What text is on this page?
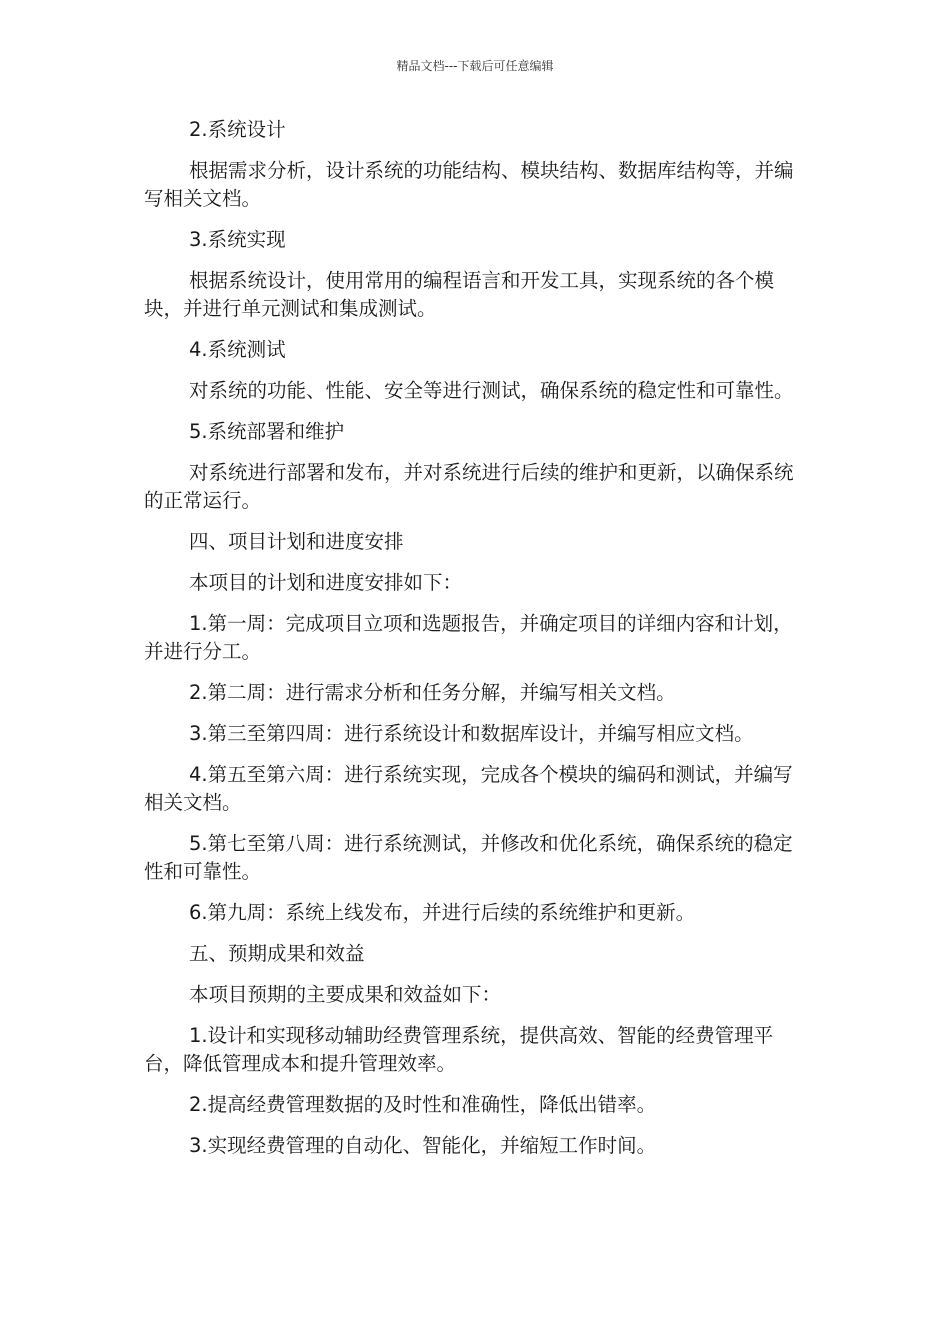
精品文档---下载后可任意编辑

2.系统设计

根据需求分析，设计系统的功能结构、模块结构、数据库结构等，并编写相关文档。

3.系统实现

根据系统设计，使用常用的编程语言和开发工具，实现系统的各个模块，并进行单元测试和集成测试。

4.系统测试

对系统的功能、性能、安全等进行测试，确保系统的稳定性和可靠性。

5.系统部署和维护

对系统进行部署和发布，并对系统进行后续的维护和更新，以确保系统的正常运行。

四、项目计划和进度安排

本项目的计划和进度安排如下：

1.第一周：完成项目立项和选题报告，并确定项目的详细内容和计划，并进行分工。

2.第二周：进行需求分析和任务分解，并编写相关文档。

3.第三至第四周：进行系统设计和数据库设计，并编写相应文档。

4.第五至第六周：进行系统实现，完成各个模块的编码和测试，并编写相关文档。

5.第七至第八周：进行系统测试，并修改和优化系统，确保系统的稳定性和可靠性。

6.第九周：系统上线发布，并进行后续的系统维护和更新。

五、预期成果和效益

本项目预期的主要成果和效益如下：

1.设计和实现移动辅助经费管理系统，提供高效、智能的经费管理平台，降低管理成本和提升管理效率。

2.提高经费管理数据的及时性和准确性，降低出错率。

3.实现经费管理的自动化、智能化，并缩短工作时间。
